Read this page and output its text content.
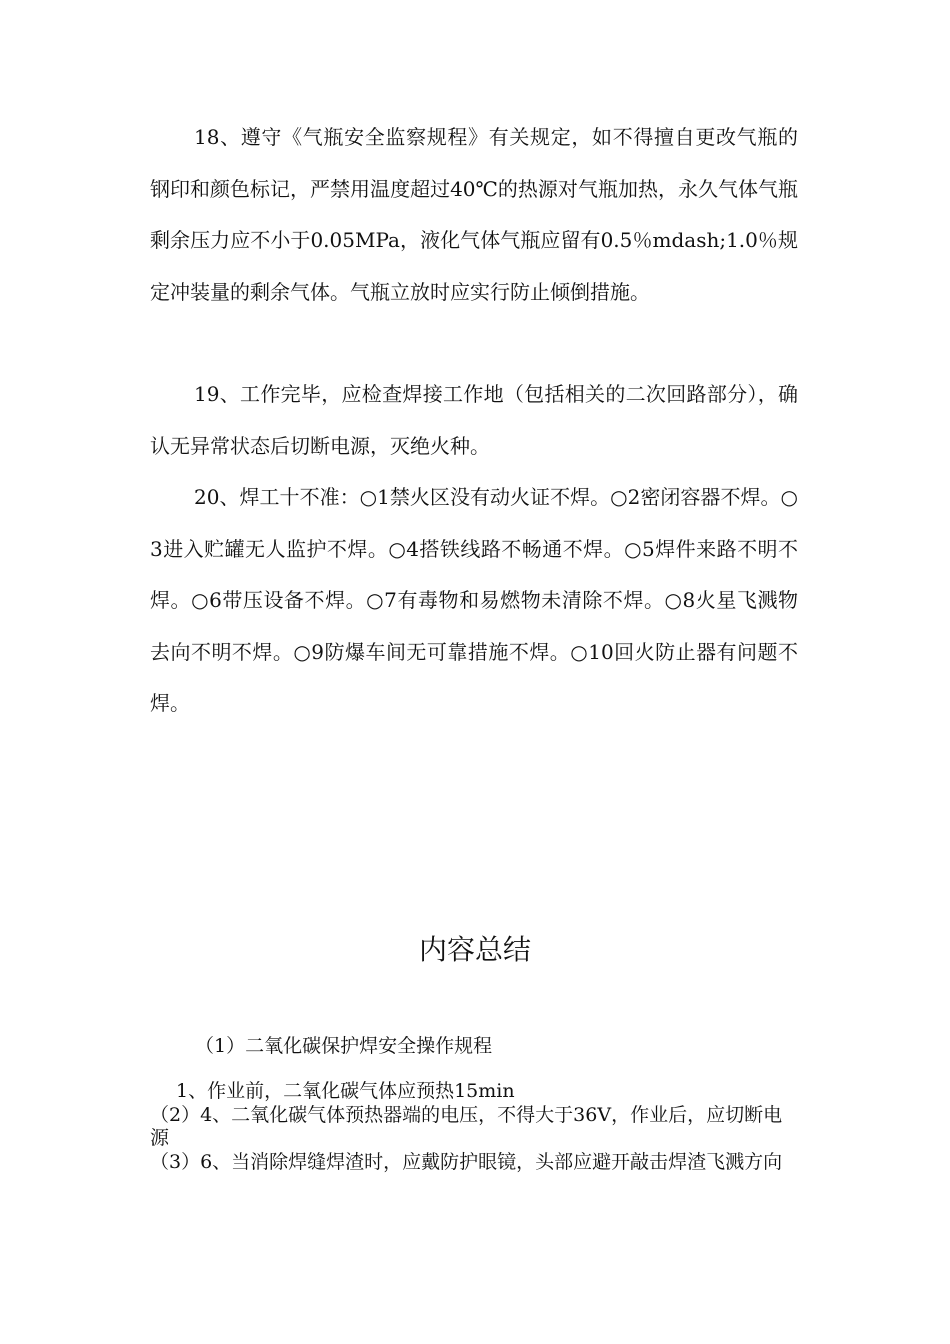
18、遵守《气瓶安全监察规程》有关规定，如不得擅自更改气瓶的钢印和颜色标记，严禁用温度超过40℃的热源对气瓶加热，永久气体气瓶剩余压力应不小于0.05MPa，液化气体气瓶应留有0.5％mdash;1.0％规定冲装量的剩余气体。气瓶立放时应实行防止倾倒措施。

19、工作完毕，应检查焊接工作地（包括相关的二次回路部分），确认无异常状态后切断电源，灭绝火种。

20、焊工十不准：○1禁火区没有动火证不焊。○2密闭容器不焊。○3进入贮罐无人监护不焊。○4搭铁线路不畅通不焊。○5焊件来路不明不焊。○6带压设备不焊。○7有毒物和易燃物未清除不焊。○8火星飞溅物去向不明不焊。○9防爆车间无可靠措施不焊。○10回火防止器有问题不焊。

内容总结

（1）二氧化碳保护焊安全操作规程

1、作业前，二氧化碳气体应预热15min
（2）4、二氧化碳气体预热器端的电压，不得大于36V，作业后，应切断电源
（3）6、当消除焊缝焊渣时，应戴防护眼镜，头部应避开敲击焊渣飞溅方向
